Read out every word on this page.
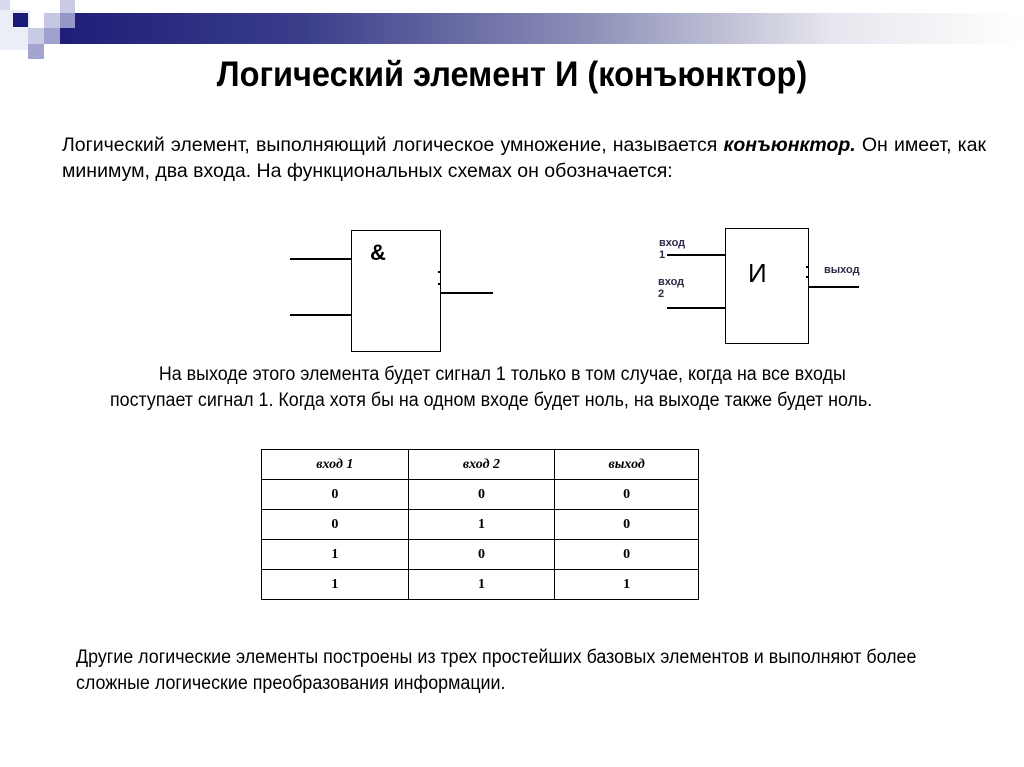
Логический элемент И (конъюнктор)
Логический элемент, выполняющий логическое умножение, называется конъюнктор. Он имеет, как минимум, два входа. На функциональных схемах он обозначается:
&	вход 1
вход 2
И	выход
На выходе этого элемента будет сигнал 1 только в том случае, когда на все входы поступает сигнал 1. Когда хотя бы на одном входе будет ноль, на выходе также будет ноль.
вход 1	вход 2	выход
0	0	0
0	1	0
1	0	0
1	1	1
Другие логические элементы построены из трех простейших базовых элементов и выполняют более сложные логические преобразования информации.
